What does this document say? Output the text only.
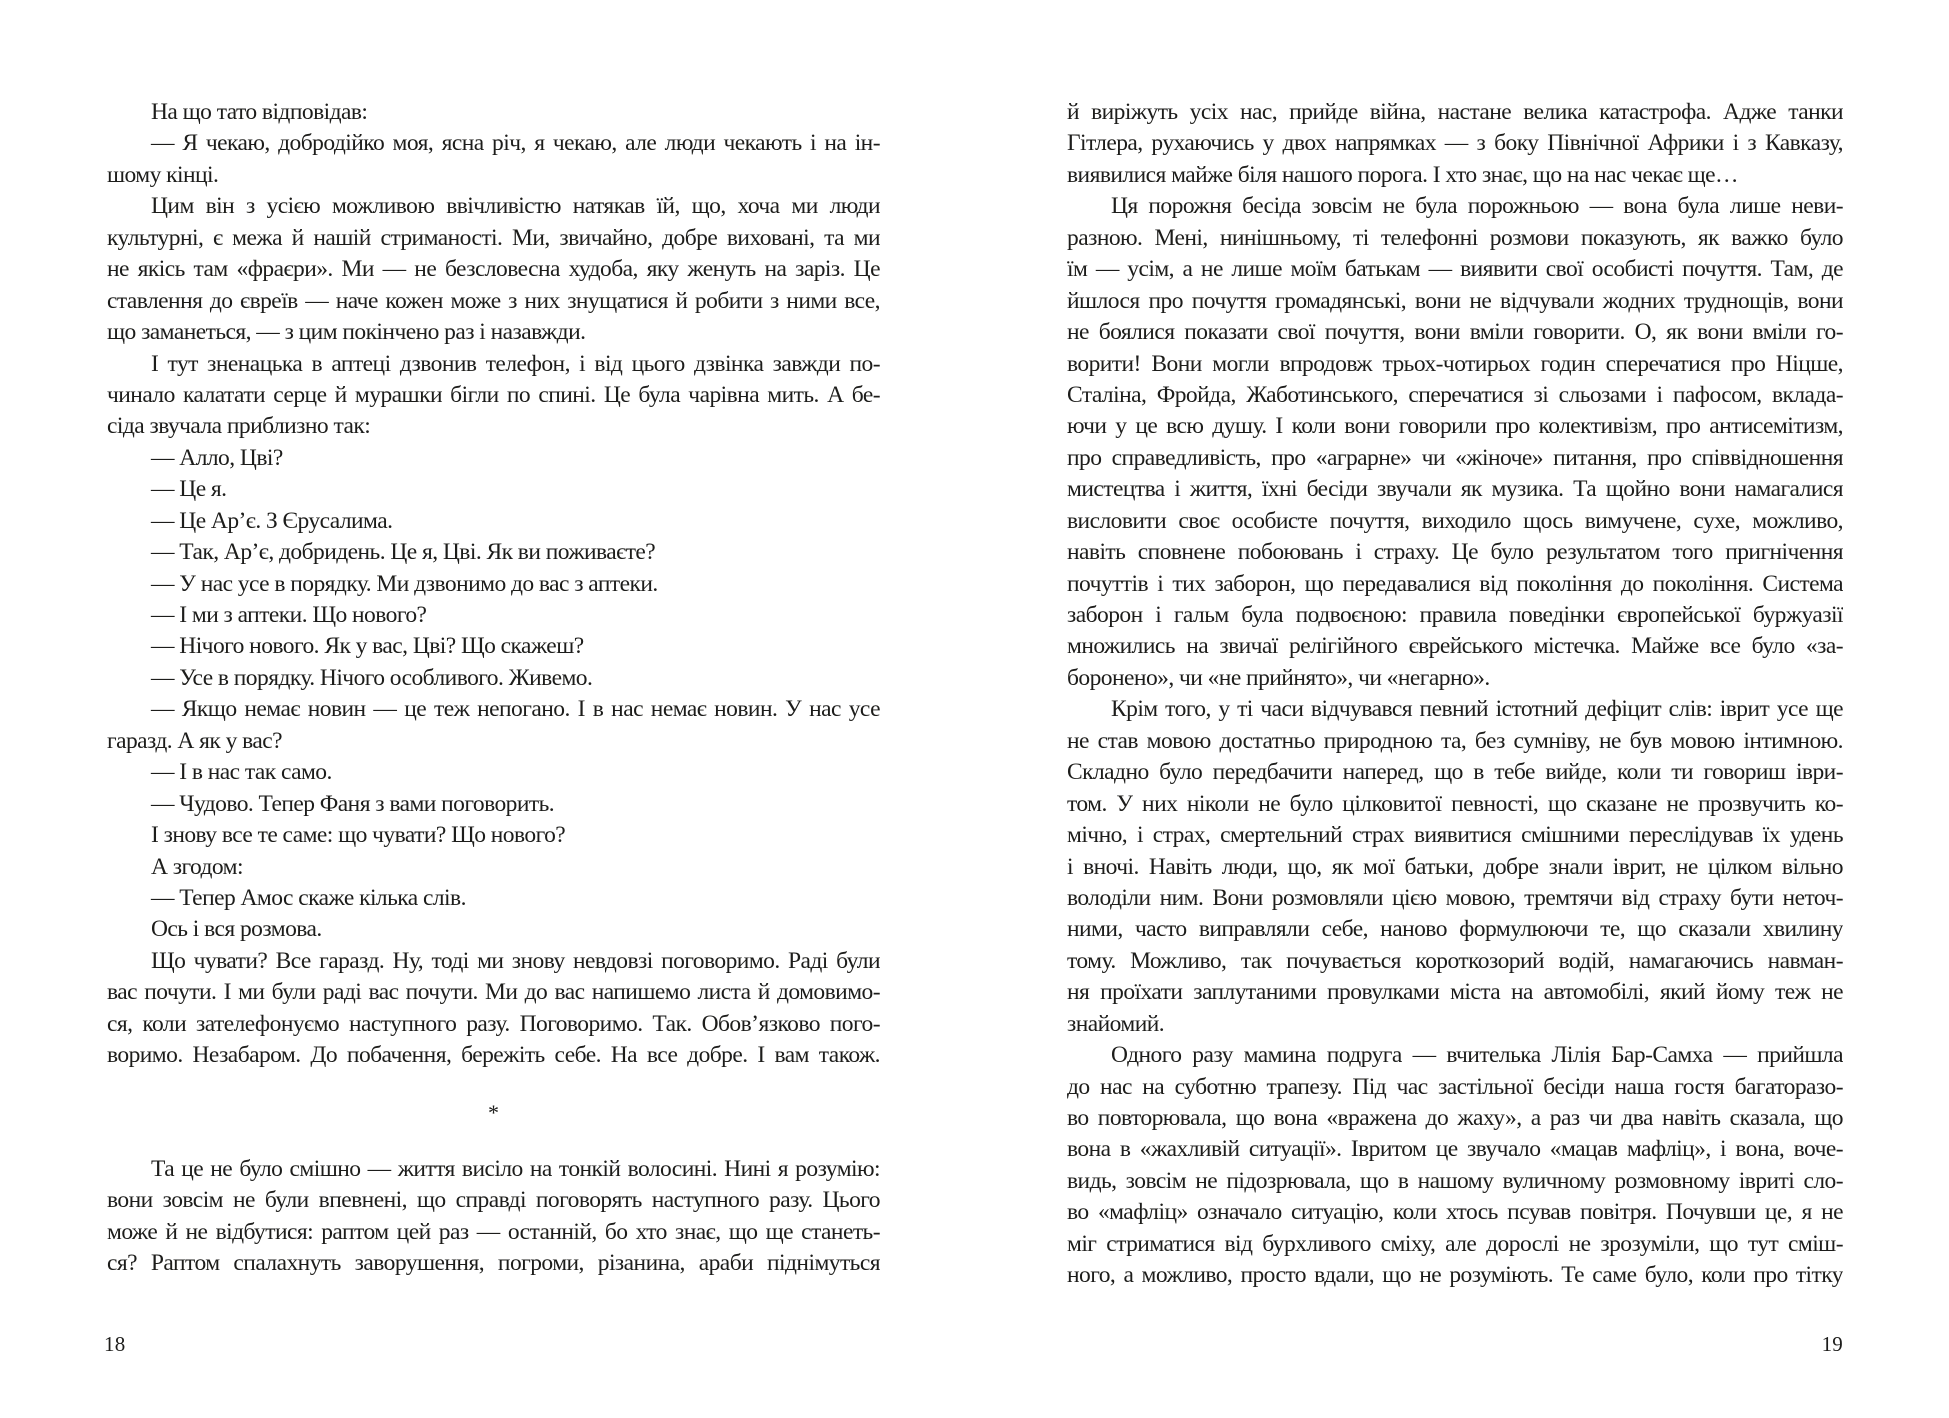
На що тато відповідав:
— Я чекаю, добродійко моя, ясна річ, я чекаю, але люди чекають і на ін-
шому кінці.
Цим він з усією можливою ввічливістю натякав їй, що, хоча ми люди
культурні, є межа й нашій стриманості. Ми, звичайно, добре виховані, та ми
не якісь там «фраєри». Ми — не безсловесна худоба, яку женуть на заріз. Це
ставлення до євреїв — наче кожен може з них знущатися й робити з ними все,
що заманеться, — з цим покінчено раз і назавжди.
І тут зненацька в аптеці дзвонив телефон, і від цього дзвінка завжди по-
чинало калатати серце й мурашки бігли по спині. Це була чарівна мить. А бе-
сіда звучала приблизно так:
— Алло, Цві?
— Це я.
— Це Ар’є. З Єрусалима.
— Так, Ар’є, добридень. Це я, Цві. Як ви поживаєте?
— У нас усе в порядку. Ми дзвонимо до вас з аптеки.
— І ми з аптеки. Що нового?
— Нічого нового. Як у вас, Цві? Що скажеш?
— Усе в порядку. Нічого особливого. Живемо.
— Якщо немає новин — це теж непогано. І в нас немає новин. У нас усе
гаразд. А як у вас?
— І в нас так само.
— Чудово. Тепер Фаня з вами поговорить.
І знову все те саме: що чувати? Що нового?
А згодом:
— Тепер Амос скаже кілька слів.
Ось і вся розмова.
Що чувати? Все гаразд. Ну, тоді ми знову невдовзі поговоримо. Раді були
вас почути. І ми були раді вас почути. Ми до вас напишемо листа й домовимо-
ся, коли зателефонуємо наступного разу. Поговоримо. Так. Обов’язково пого-
воримо. Незабаром. До побачення, бережіть себе. На все добре. І вам також.
*
Та це не було смішно — життя висіло на тонкій волосині. Нині я розумію:
вони зовсім не були впевнені, що справді поговорять наступного разу. Цього
може й не відбутися: раптом цей раз — останній, бо хто знає, що ще станеть-
ся? Раптом спалахнуть заворушення, погроми, різанина, араби піднімуться
й виріжуть усіх нас, прийде війна, настане велика катастрофа. Адже танки
Гітлера, рухаючись у двох напрямках — з боку Північної Африки і з Кавказу,
виявилися майже біля нашого порога. І хто знає, що на нас чекає ще…
Ця порожня бесіда зовсім не була порожньою — вона була лише неви-
разною. Мені, нинішньому, ті телефонні розмови показують, як важко було
їм — усім, а не лише моїм батькам — виявити свої особисті почуття. Там, де
йшлося про почуття громадянські, вони не відчували жодних труднощів, вони
не боялися показати свої почуття, вони вміли говорити. О, як вони вміли го-
ворити! Вони могли впродовж трьох-чотирьох годин сперечатися про Ніцше,
Сталіна, Фройда, Жаботинського, сперечатися зі сльозами і пафосом, вклада-
ючи у це всю душу. І коли вони говорили про колективізм, про антисемітизм,
про справедливість, про «аграрне» чи «жіноче» питання, про співвідношення
мистецтва і життя, їхні бесіди звучали як музика. Та щойно вони намагалися
висловити своє особисте почуття, виходило щось вимучене, сухе, можливо,
навіть сповнене побоювань і страху. Це було результатом того пригнічення
почуттів і тих заборон, що передавалися від покоління до покоління. Система
заборон і гальм була подвоєною: правила поведінки європейської буржуазії
множились на звичаї релігійного єврейського містечка. Майже все було «за-
боронено», чи «не прийнято», чи «негарно».
Крім того, у ті часи відчувався певний істотний дефіцит слів: іврит усе ще
не став мовою достатньо природною та, без сумніву, не був мовою інтимною.
Складно було передбачити наперед, що в тебе вийде, коли ти говориш іври-
том. У них ніколи не було цілковитої певності, що сказане не прозвучить ко-
мічно, і страх, смертельний страх виявитися смішними переслідував їх удень
і вночі. Навіть люди, що, як мої батьки, добре знали іврит, не цілком вільно
володіли ним. Вони розмовляли цією мовою, тремтячи від страху бути неточ-
ними, часто виправляли себе, наново формулюючи те, що сказали хвилину
тому. Можливо, так почувається короткозорий водій, намагаючись навман-
ня проїхати заплутаними провулками міста на автомобілі, який йому теж не
знайомий.
Одного разу мамина подруга — вчителька Лілія Бар-Самха — прийшла
до нас на суботню трапезу. Під час застільної бесіди наша гостя багаторазо-
во повторювала, що вона «вражена до жаху», а раз чи два навіть сказала, що
вона в «жахливій ситуації». Івритом це звучало «мацав мафліц», і вона, воче-
видь, зовсім не підозрювала, що в нашому вуличному розмовному івриті сло-
во «мафліц» означало ситуацію, коли хтось псував повітря. Почувши це, я не
міг стриматися від бурхливого сміху, але дорослі не зрозуміли, що тут сміш-
ного, а можливо, просто вдали, що не розуміють. Те саме було, коли про тітку
18	19
